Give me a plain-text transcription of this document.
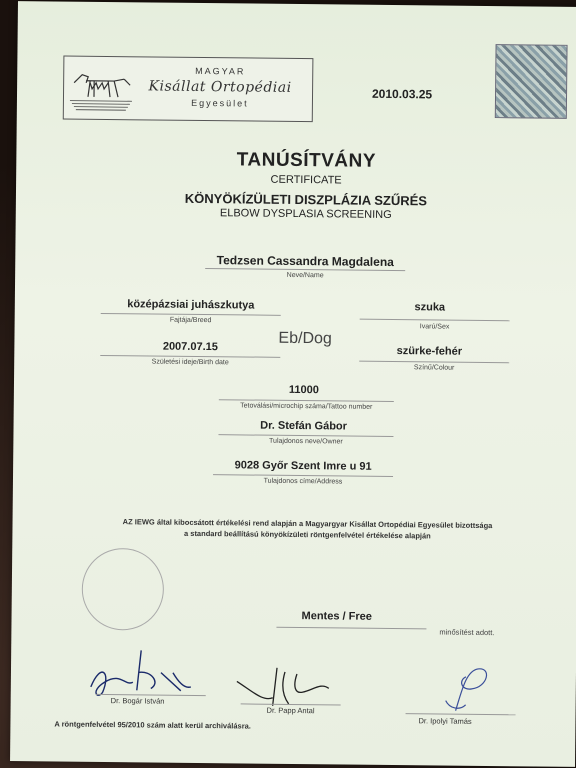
MAGYAR
Kisállat Ortopédiai
Egyesület
2010.03.25
TANÚSÍTVÁNY
CERTIFICATE
KÖNYÖKÍZÜLETI DISZPLÁZIA SZŰRÉS
ELBOW DYSPLASIA SCREENING
Tedzsen Cassandra Magdalena
Neve/Name
középázsiai juhászkutya
Fajtája/Breed
szuka
Ivarú/Sex
Eb/Dog
2007.07.15
Születési ideje/Birth date
szürke-fehér
Színű/Colour
11000
Tetoválási/microchip száma/Tattoo number
Dr. Stefán Gábor
Tulajdonos neve/Owner
9028 Győr Szent Imre u 91
Tulajdonos címe/Address
AZ IEWG által kibocsátott értékelési rend alapján a Magyargyar Kisállat Ortopédiai Egyesület bizottsága
a standard beállítású könyökízületi röntgenfelvétel értékelése alapján
Mentes / Free
minősítést adott.
Dr. Bogár István
Dr. Papp Antal
Dr. Ipolyi Tamás
A röntgenfelvétel 95/2010 szám alatt kerül archiválásra.
